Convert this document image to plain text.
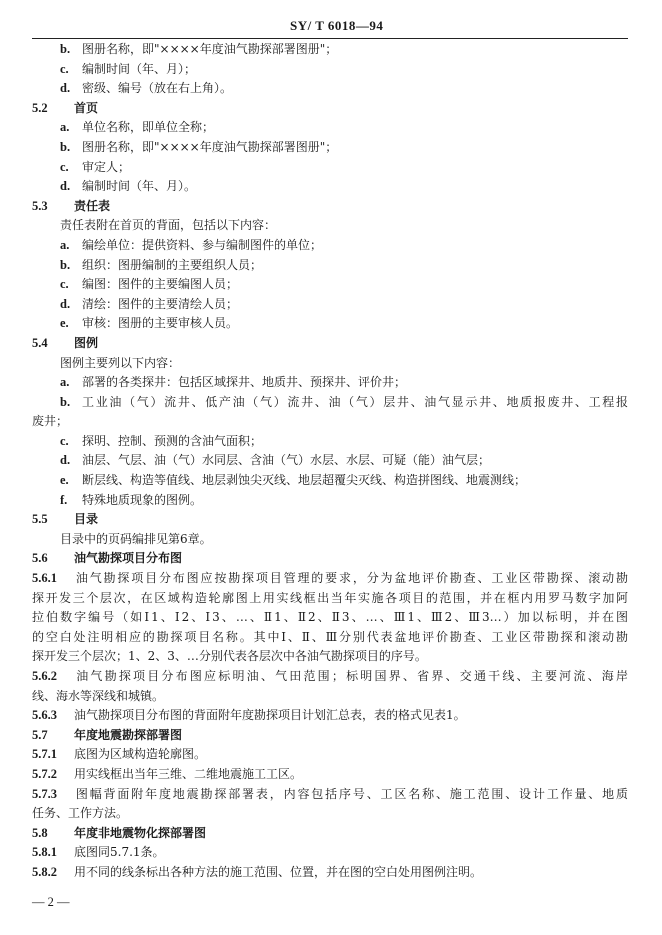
SY/ T 6018—94
b. 图册名称，即"××××年度油气勘探部署图册"；
c.	编制时间（年、月）；
d. 密级、编号（放在右上角）。
5.2 首页
a.	单位名称，即单位全称；
b. 图册名称，即"××××年度油气勘探部署图册"；
c.	审定人；
d. 编制时间（年、月）。
5.3 责任表
责任表附在首页的背面，包括以下内容：
a.	编绘单位：提供资料、参与编制图件的单位；
b. 组织：图册编制的主要组织人员；
c.	编图：图件的主要编图人员；
d. 清绘：图件的主要清绘人员；
e.	审核：图册的主要审核人员。
5.4 图例
图例主要列以下内容：
a.	部署的各类探井：包括区域探井、地质井、预探井、评价井；
b. 工业油（气）流井、低产油（气）流井、油（气）层井、油气显示井、地质报废井、工程报
废井；
c.	探明、控制、预测的含油气面积；
d. 油层、气层、油（气）水同层、含油（气）水层、水层、可疑（能）油气层；
e.	断层线、构造等值线、地层剥蚀尖灭线、地层超覆尖灭线、构造拼图线、地震测线；
f.	特殊地质现象的图例。
5.5 目录
目录中的页码编排见第6章。
5.6 油气勘探项目分布图
5.6.1 油气勘探项目分布图应按勘探项目管理的要求，分为盆地评价勘查、工业区带勘探、滚动勘
探开发三个层次，在区域构造轮廓图上用实线框出当年实施各项目的范围，并在框内用罗马数字加阿
拉伯数字编号（如Ⅰ1、Ⅰ2、Ⅰ3、…、Ⅱ1、Ⅱ2、Ⅱ3、…、Ⅲ1、Ⅲ2、Ⅲ3…）加以标明，并在图
的空白处注明相应的勘探项目名称。其中Ⅰ、Ⅱ、Ⅲ分别代表盆地评价勘查、工业区带勘探和滚动勘
探开发三个层次；1、2、3、…分别代表各层次中各油气勘探项目的序号。
5.6.2 油气勘探项目分布图应标明油、气田范围；标明国界、省界、交通干线、主要河流、海岸
线、海水等深线和城镇。
5.6.3 油气勘探项目分布图的背面附年度勘探项目计划汇总表，表的格式见表1。
5.7 年度地震勘探部署图
5.7.1 底图为区域构造轮廓图。
5.7.2 用实线框出当年三维、二维地震施工工区。
5.7.3 图幅背面附年度地震勘探部署表，内容包括序号、工区名称、施工范围、设计工作量、地质
任务、工作方法。
5.8 年度非地震物化探部署图
5.8.1 底图同5.7.1条。
5.8.2 用不同的线条标出各种方法的施工范围、位置，并在图的空白处用图例注明。
— 2 —
